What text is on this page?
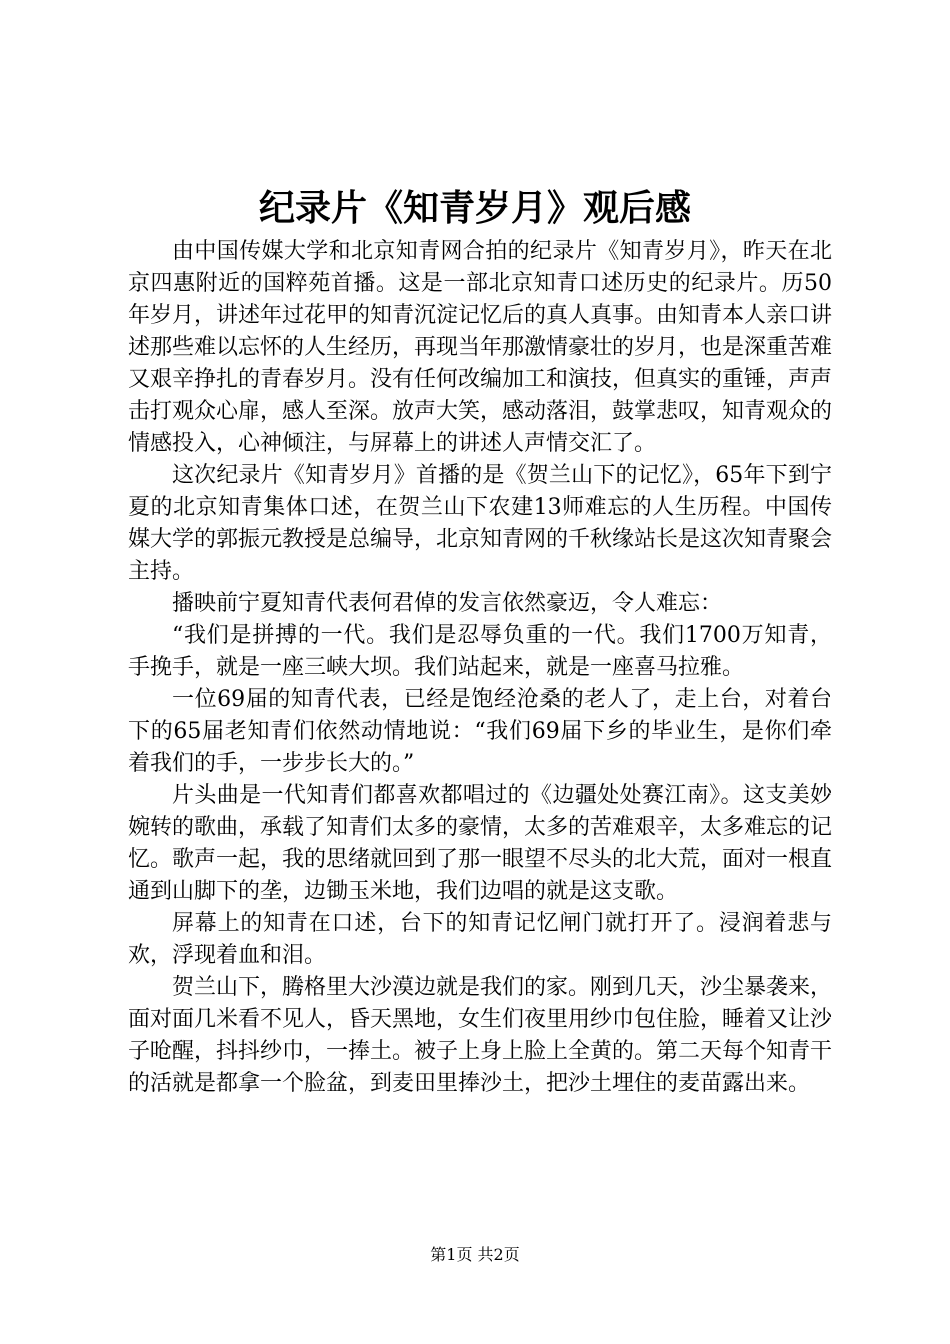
纪录片《知青岁月》观后感

由中国传媒大学和北京知青网合拍的纪录片《知青岁月》，昨天在北京四惠附近的国粹苑首播。这是一部北京知青口述历史的纪录片。历50年岁月，讲述年过花甲的知青沉淀记忆后的真人真事。由知青本人亲口讲述那些难以忘怀的人生经历，再现当年那激情豪壮的岁月，也是深重苦难又艰辛挣扎的青春岁月。没有任何改编加工和演技，但真实的重锤，声声击打观众心扉，感人至深。放声大笑，感动落泪，鼓掌悲叹，知青观众的情感投入，心神倾注，与屏幕上的讲述人声情交汇了。

这次纪录片《知青岁月》首播的是《贺兰山下的记忆》，65年下到宁夏的北京知青集体口述，在贺兰山下农建13师难忘的人生历程。中国传媒大学的郭振元教授是总编导，北京知青网的千秋缘站长是这次知青聚会主持。

播映前宁夏知青代表何君倬的发言依然豪迈，令人难忘：

“我们是拼搏的一代。我们是忍辱负重的一代。我们1700万知青，手挽手，就是一座三峡大坝。我们站起来，就是一座喜马拉雅。

一位69届的知青代表，已经是饱经沧桑的老人了，走上台，对着台下的65届老知青们依然动情地说：“我们69届下乡的毕业生，是你们牵着我们的手，一步步长大的。”

片头曲是一代知青们都喜欢都唱过的《边疆处处赛江南》。这支美妙婉转的歌曲，承载了知青们太多的豪情，太多的苦难艰辛，太多难忘的记忆。歌声一起，我的思绪就回到了那一眼望不尽头的北大荒，面对一根直通到山脚下的垄，边锄玉米地，我们边唱的就是这支歌。

屏幕上的知青在口述，台下的知青记忆闸门就打开了。浸润着悲与欢，浮现着血和泪。

贺兰山下，腾格里大沙漠边就是我们的家。刚到几天，沙尘暴袭来，面对面几米看不见人，昏天黑地，女生们夜里用纱巾包住脸，睡着又让沙子呛醒，抖抖纱巾，一捧土。被子上身上脸上全黄的。第二天每个知青干的活就是都拿一个脸盆，到麦田里捧沙土，把沙土埋住的麦苗露出来。

第1页 共2页
